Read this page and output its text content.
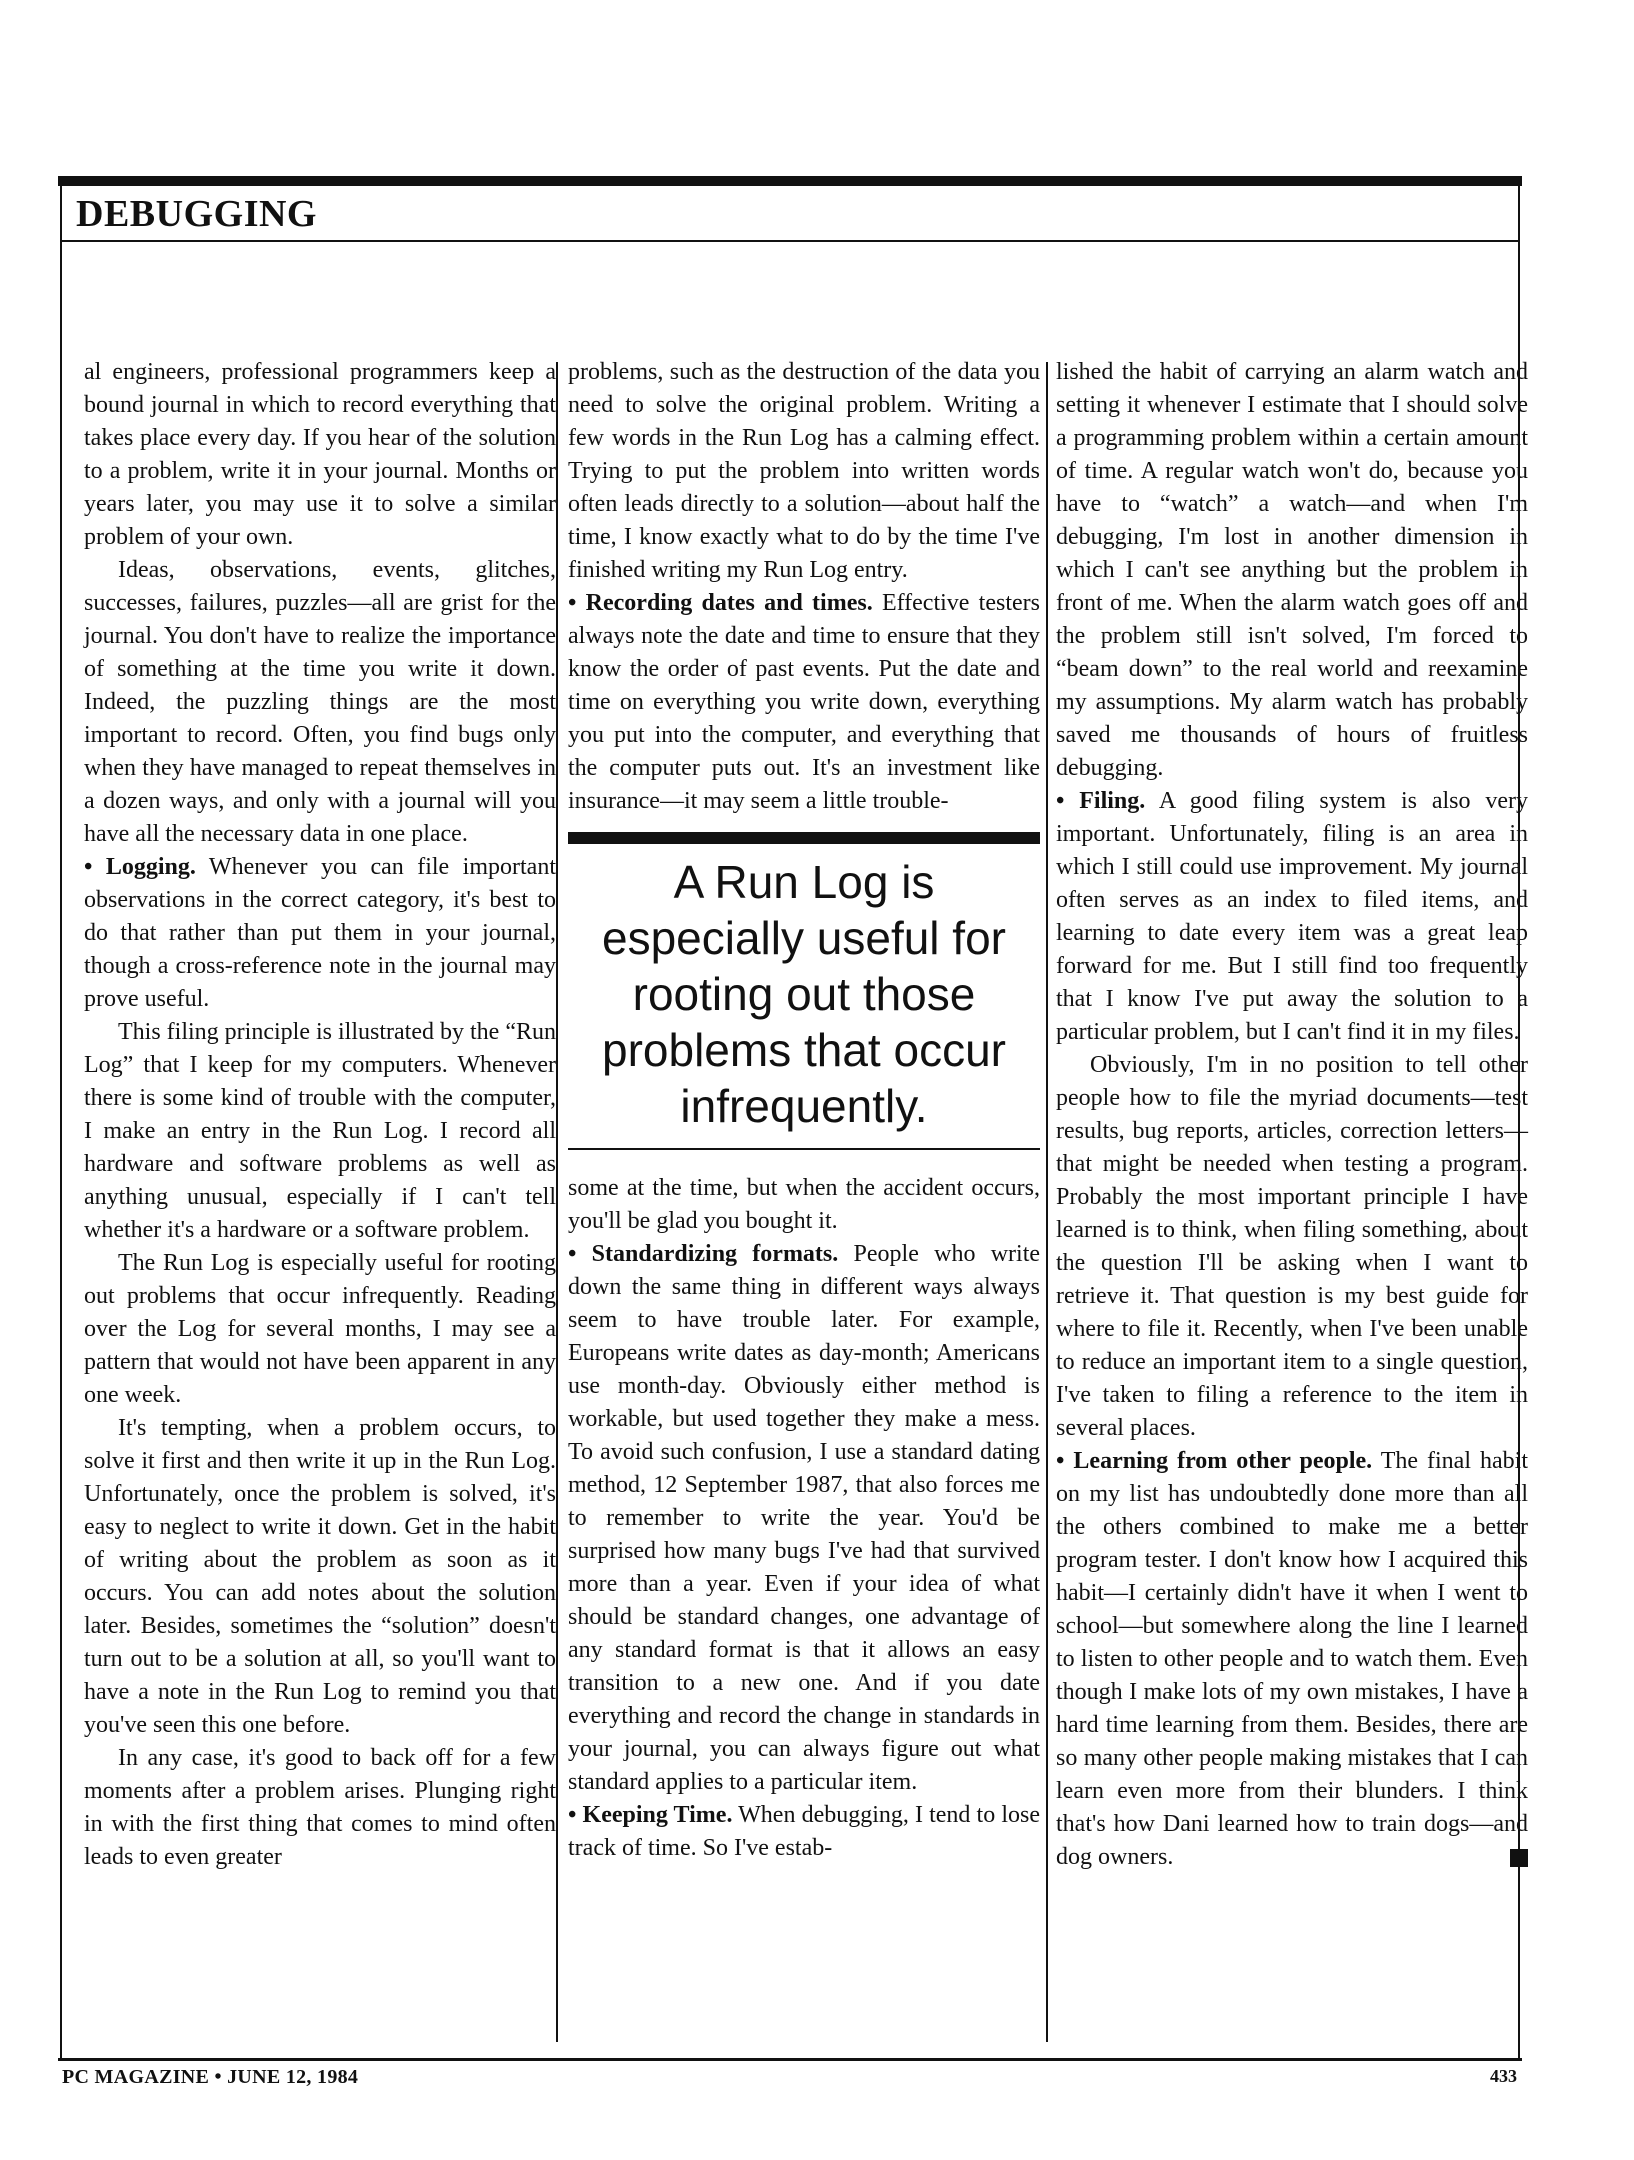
DEBUGGING

al engineers, professional programmers keep a bound journal in which to record everything that takes place every day. If you hear of the solution to a problem, write it in your journal. Months or years later, you may use it to solve a similar problem of your own.

Ideas, observations, events, glitches, successes, failures, puzzles—all are grist for the journal. You don't have to realize the importance of something at the time you write it down. Indeed, the puzzling things are the most important to record. Often, you find bugs only when they have managed to repeat themselves in a dozen ways, and only with a journal will you have all the necessary data in one place.

• Logging. Whenever you can file important observations in the correct category, it's best to do that rather than put them in your journal, though a cross-reference note in the journal may prove useful.

This filing principle is illustrated by the “Run Log” that I keep for my computers. Whenever there is some kind of trouble with the computer, I make an entry in the Run Log. I record all hardware and software problems as well as anything unusual, especially if I can't tell whether it's a hardware or a software problem.

The Run Log is especially useful for rooting out problems that occur infrequently. Reading over the Log for several months, I may see a pattern that would not have been apparent in any one week.

It's tempting, when a problem occurs, to solve it first and then write it up in the Run Log. Unfortunately, once the problem is solved, it's easy to neglect to write it down. Get in the habit of writing about the problem as soon as it occurs. You can add notes about the solution later. Besides, sometimes the “solution” doesn't turn out to be a solution at all, so you'll want to have a note in the Run Log to remind you that you've seen this one before.

In any case, it's good to back off for a few moments after a problem arises. Plunging right in with the first thing that comes to mind often leads to even greater

problems, such as the destruction of the data you need to solve the original problem. Writing a few words in the Run Log has a calming effect. Trying to put the problem into written words often leads directly to a solution—about half the time, I know exactly what to do by the time I've finished writing my Run Log entry.

• Recording dates and times. Effective testers always note the date and time to ensure that they know the order of past events. Put the date and time on everything you write down, everything you put into the computer, and everything that the computer puts out. It's an investment like insurance—it may seem a little trouble-

A Run Log is especially useful for rooting out those problems that occur infrequently.

some at the time, but when the accident occurs, you'll be glad you bought it.

• Standardizing formats. People who write down the same thing in different ways always seem to have trouble later. For example, Europeans write dates as day-month; Americans use month-day. Obviously either method is workable, but used together they make a mess. To avoid such confusion, I use a standard dating method, 12 September 1987, that also forces me to remember to write the year. You'd be surprised how many bugs I've had that survived more than a year. Even if your idea of what should be standard changes, one advantage of any standard format is that it allows an easy transition to a new one. And if you date everything and record the change in standards in your journal, you can always figure out what standard applies to a particular item.

• Keeping Time. When debugging, I tend to lose track of time. So I've estab-

lished the habit of carrying an alarm watch and setting it whenever I estimate that I should solve a programming problem within a certain amount of time. A regular watch won't do, because you have to “watch” a watch—and when I'm debugging, I'm lost in another dimension in which I can't see anything but the problem in front of me. When the alarm watch goes off and the problem still isn't solved, I'm forced to “beam down” to the real world and reexamine my assumptions. My alarm watch has probably saved me thousands of hours of fruitless debugging.

• Filing. A good filing system is also very important. Unfortunately, filing is an area in which I still could use improvement. My journal often serves as an index to filed items, and learning to date every item was a great leap forward for me. But I still find too frequently that I know I've put away the solution to a particular problem, but I can't find it in my files.

Obviously, I'm in no position to tell other people how to file the myriad documents—test results, bug reports, articles, correction letters—that might be needed when testing a program. Probably the most important principle I have learned is to think, when filing something, about the question I'll be asking when I want to retrieve it. That question is my best guide for where to file it. Recently, when I've been unable to reduce an important item to a single question, I've taken to filing a reference to the item in several places.

• Learning from other people. The final habit on my list has undoubtedly done more than all the others combined to make me a better program tester. I don't know how I acquired this habit—I certainly didn't have it when I went to school—but somewhere along the line I learned to listen to other people and to watch them. Even though I make lots of my own mistakes, I have a hard time learning from them. Besides, there are so many other people making mistakes that I can learn even more from their blunders. I think that's how Dani learned how to train dogs—and dog owners.

PC MAGAZINE • JUNE 12, 1984	433
